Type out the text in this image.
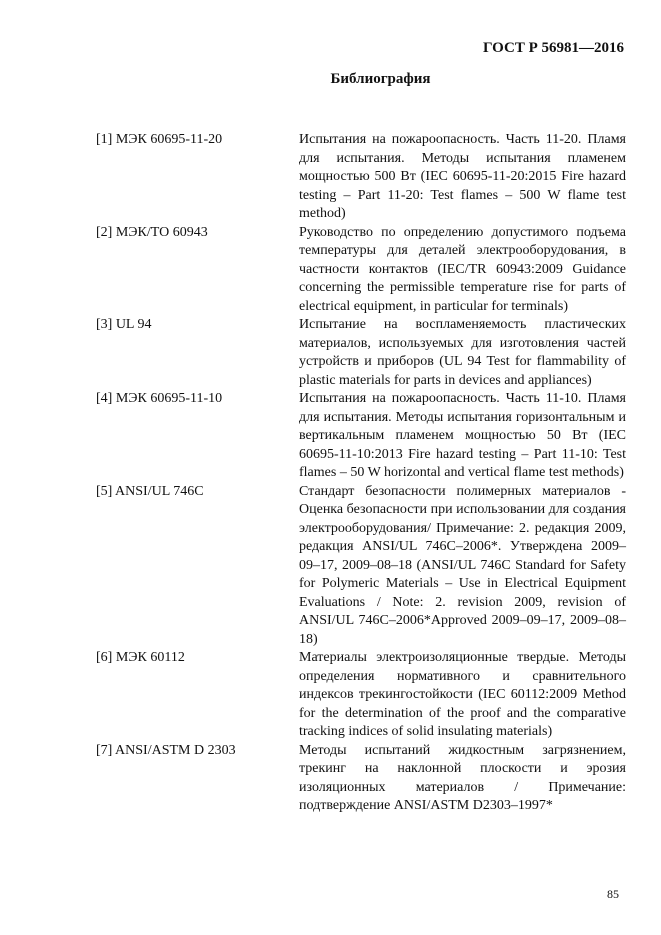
ГОСТ Р 56981—2016
Библиография
[1] МЭК 60695-11-20	Испытания на пожароопасность. Часть 11-20. Пламя для испытания. Методы испытания пламенем мощностью 500 Вт (IEC 60695-11-20:2015 Fire hazard testing – Part 11-20: Test flames – 500 W flame test method)
[2] МЭК/ТО 60943	Руководство по определению допустимого подъема температуры для деталей электрооборудования, в частности контактов (IEC/TR 60943:2009 Guidance concerning the permissible temperature rise for parts of electrical equipment, in particular for terminals)
[3] UL 94	Испытание на воспламеняемость пластических материалов, используемых для изготовления частей устройств и приборов (UL 94 Test for flammability of plastic materials for parts in devices and appliances)
[4] МЭК 60695-11-10	Испытания на пожароопасность. Часть 11-10. Пламя для испытания. Методы испытания горизонтальным и вертикальным пламенем мощностью 50 Вт (IEC 60695-11-10:2013 Fire hazard testing – Part 11-10: Test flames – 50 W horizontal and vertical flame test methods)
[5] ANSI/UL 746C	Стандарт безопасности полимерных материалов - Оценка безопасности при использовании для создания электрооборудования/ Примечание: 2. редакция 2009, редакция ANSI/UL 746C–2006*. Утверждена 2009–09–17, 2009–08–18 (ANSI/UL 746C Standard for Safety for Polymeric Materials – Use in Electrical Equipment Evaluations / Note: 2. revision 2009, revision of ANSI/UL 746C–2006*Approved 2009–09–17, 2009–08–18)
[6] МЭК 60112	Материалы электроизоляционные твердые. Методы определения нормативного и сравнительного индексов трекингостойкости (IEC 60112:2009 Method for the determination of the proof and the comparative tracking indices of solid insulating materials)
[7] ANSI/ASTM D 2303	Методы испытаний жидкостным загрязнением, трекинг на наклонной плоскости и эрозия изоляционных материалов / Примечание: подтверждение ANSI/ASTM D2303–1997*
85
